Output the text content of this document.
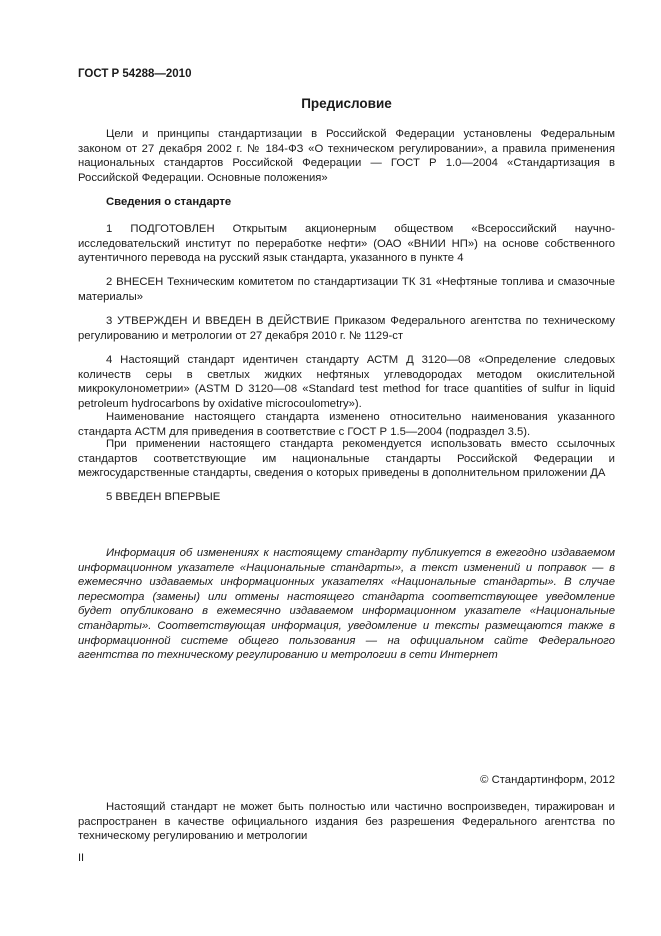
ГОСТ Р 54288—2010
Предисловие

Цели и принципы стандартизации в Российской Федерации установлены Федеральным законом от 27 декабря 2002 г. № 184-ФЗ «О техническом регулировании», а правила применения национальных стандартов Российской Федерации — ГОСТ Р 1.0—2004 «Стандартизация в Российской Федерации. Основные положения»

Сведения о стандарте

1 ПОДГОТОВЛЕН Открытым акционерным обществом «Всероссийский научно-исследовательский институт по переработке нефти» (ОАО «ВНИИ НП») на основе собственного аутентичного перевода на русский язык стандарта, указанного в пункте 4

2 ВНЕСЕН Техническим комитетом по стандартизации ТК 31 «Нефтяные топлива и смазочные материалы»

3 УТВЕРЖДЕН И ВВЕДЕН В ДЕЙСТВИЕ Приказом Федерального агентства по техническому регулированию и метрологии от 27 декабря 2010 г. № 1129-ст

4 Настоящий стандарт идентичен стандарту АСТМ Д 3120—08 «Определение следовых количеств серы в светлых жидких нефтяных углеводородах методом окислительной микрокулонометрии» (ASTM D 3120—08 «Standard test method for trace quantities of sulfur in liquid petroleum hydrocarbons by oxidative microcoulometry»).

Наименование настоящего стандарта изменено относительно наименования указанного стандарта АСТМ для приведения в соответствие с ГОСТ Р 1.5—2004 (подраздел 3.5).

При применении настоящего стандарта рекомендуется использовать вместо ссылочных стандартов соответствующие им национальные стандарты Российской Федерации и межгосударственные стандарты, сведения о которых приведены в дополнительном приложении ДА

5 ВВЕДЕН ВПЕРВЫЕ

Информация об изменениях к настоящему стандарту публикуется в ежегодно издаваемом информационном указателе «Национальные стандарты», а текст изменений и поправок — в ежемесячно издаваемых информационных указателях «Национальные стандарты». В случае пересмотра (замены) или отмены настоящего стандарта соответствующее уведомление будет опубликовано в ежемесячно издаваемом информационном указателе «Национальные стандарты». Соответствующая информация, уведомление и тексты размещаются также в информационной системе общего пользования — на официальном сайте Федерального агентства по техническому регулированию и метрологии в сети Интернет

© Стандартинформ, 2012

Настоящий стандарт не может быть полностью или частично воспроизведен, тиражирован и распространен в качестве официального издания без разрешения Федерального агентства по техническому регулированию и метрологии

II
